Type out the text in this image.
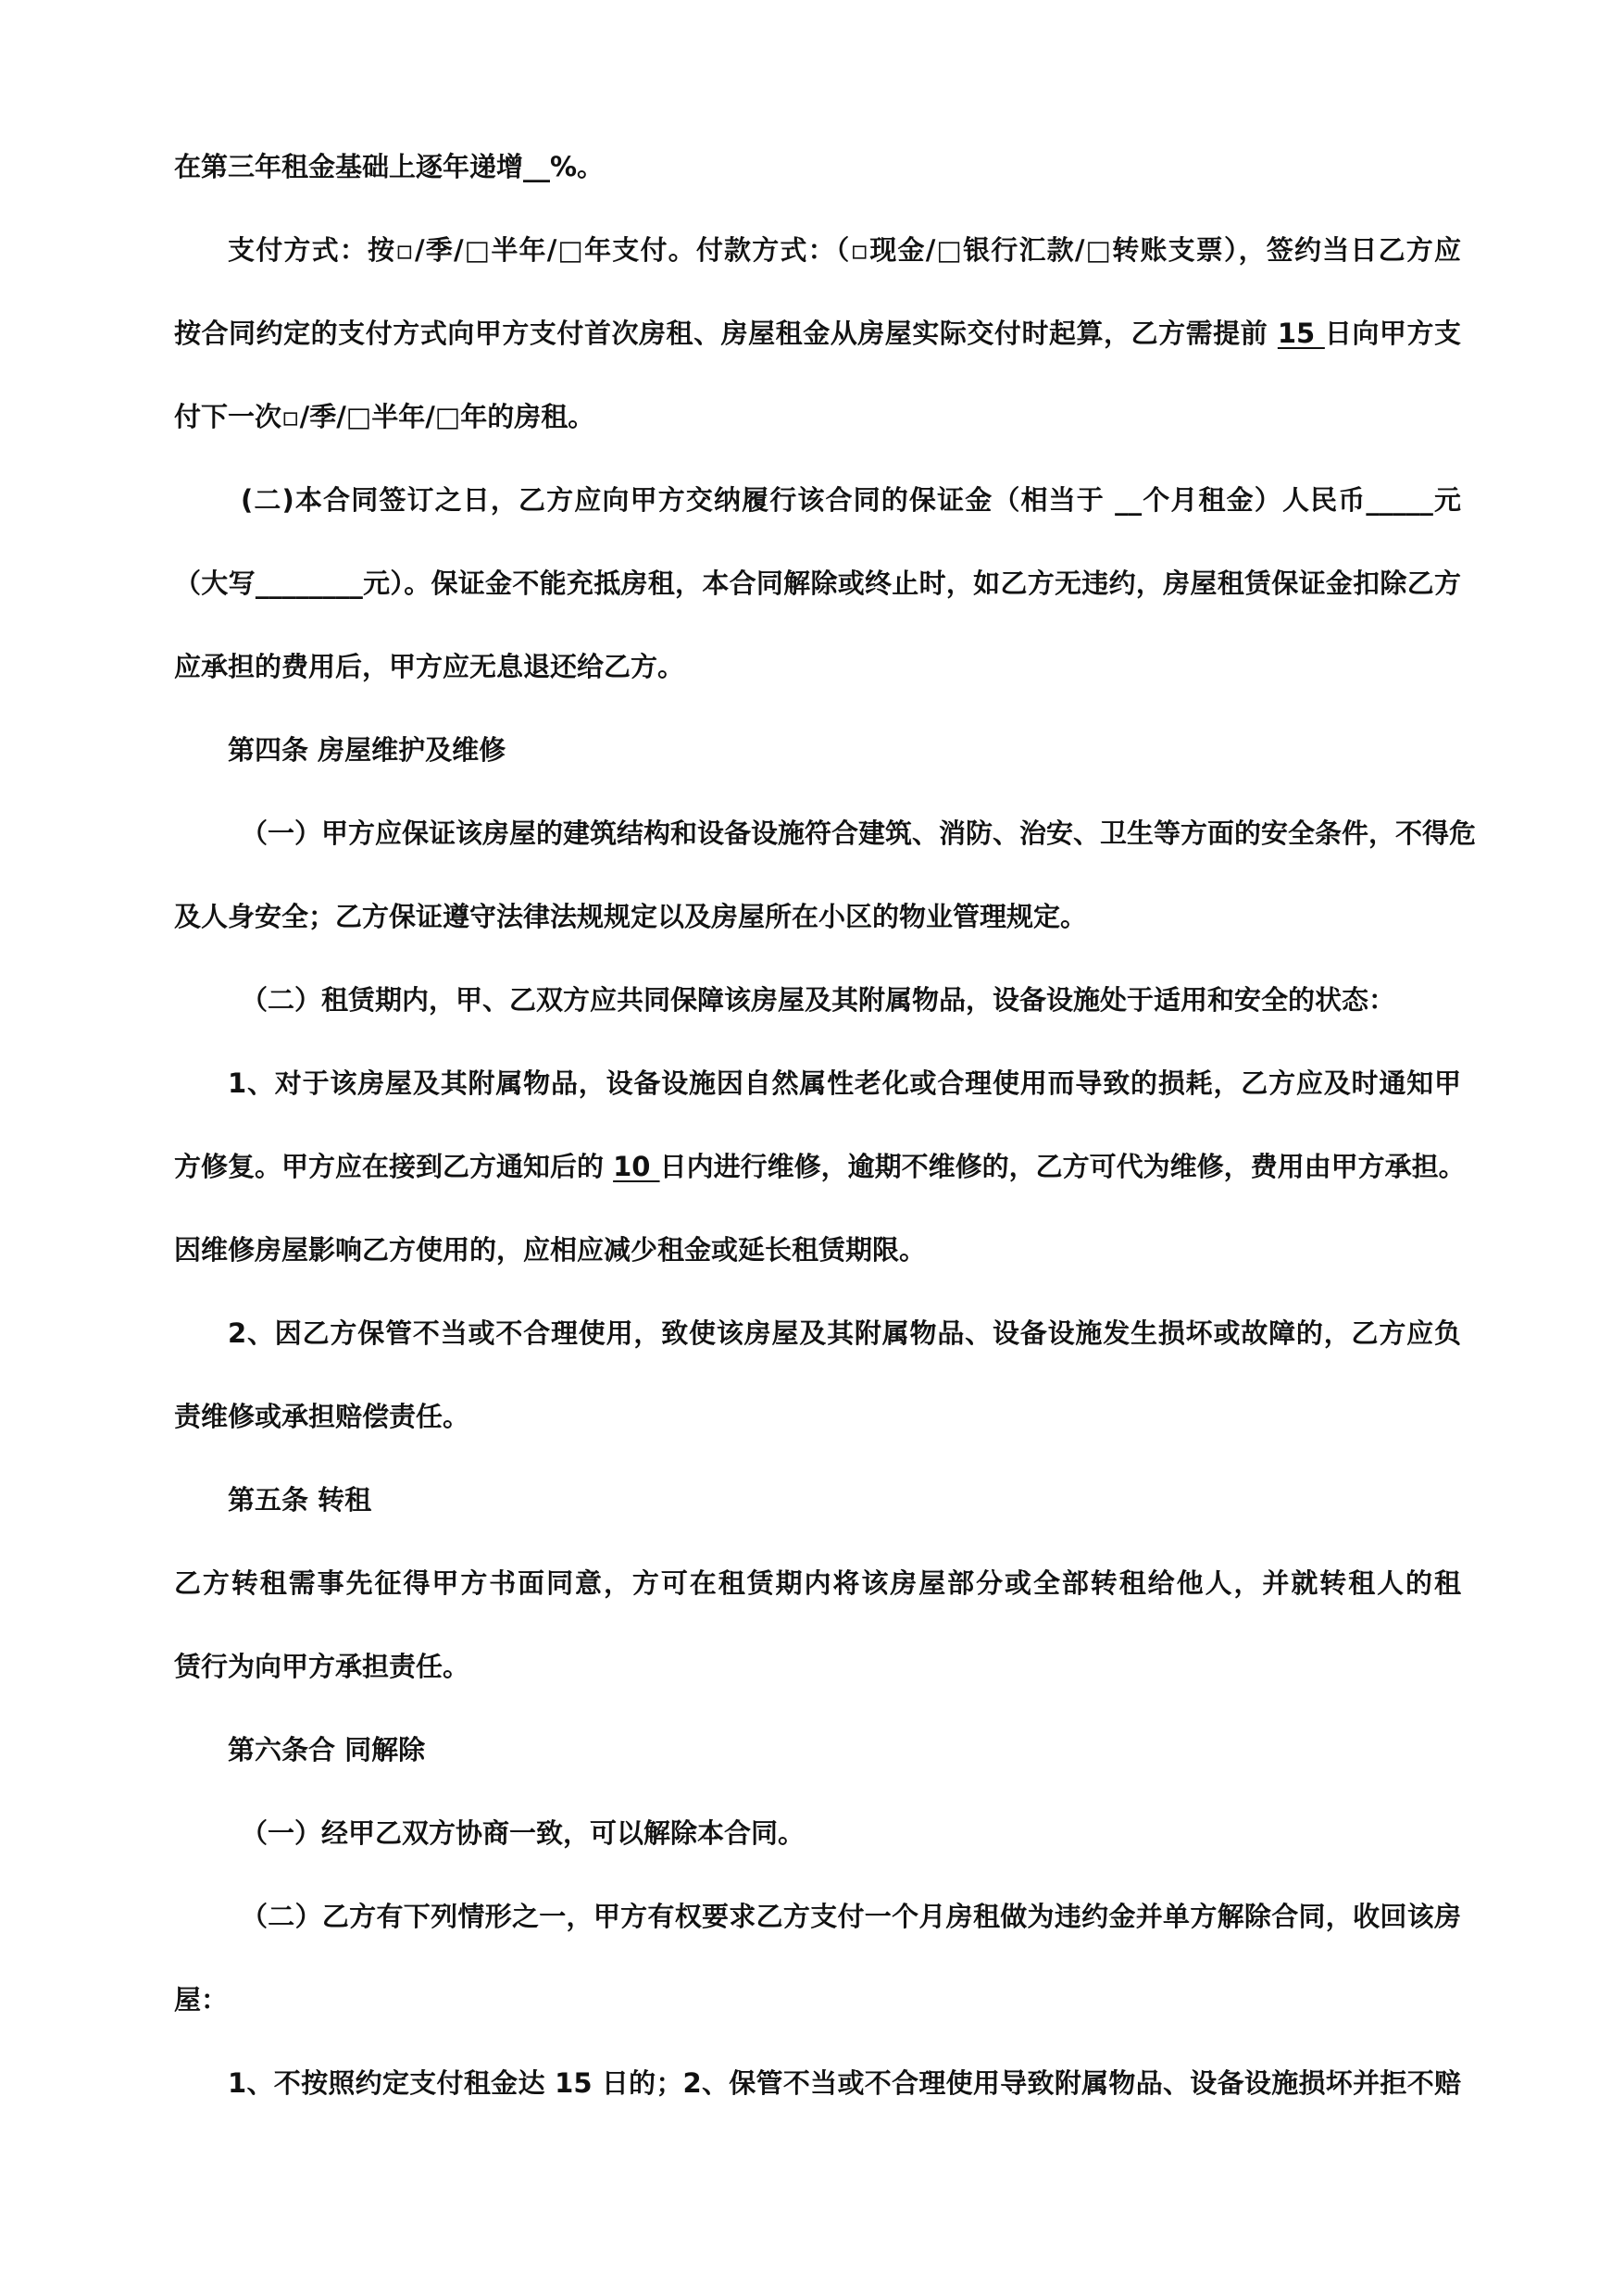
在第三年租金基础上逐年递增__%。
支付方式：按▫/季/□半年/□年支付。付款方式：（▫现金/□银行汇款/□转账支票），签约当日乙方应
按合同约定的支付方式向甲方支付首次房租、房屋租金从房屋实际交付时起算，乙方需提前 15 日向甲方支
付下一次▫/季/□半年/□年的房租。
(二)本合同签订之日，乙方应向甲方交纳履行该合同的保证金（相当于 __个月租金）人民币_____元
（大写________元）。保证金不能充抵房租，本合同解除或终止时，如乙方无违约，房屋租赁保证金扣除乙方
应承担的费用后，甲方应无息退还给乙方。
第四条 房屋维护及维修
（一）甲方应保证该房屋的建筑结构和设备设施符合建筑、消防、治安、卫生等方面的安全条件，不得危
及人身安全；乙方保证遵守法律法规规定以及房屋所在小区的物业管理规定。
（二）租赁期内，甲、乙双方应共同保障该房屋及其附属物品，设备设施处于适用和安全的状态：
1、对于该房屋及其附属物品，设备设施因自然属性老化或合理使用而导致的损耗，乙方应及时通知甲
方修复。甲方应在接到乙方通知后的 10 日内进行维修，逾期不维修的，乙方可代为维修，费用由甲方承担。
因维修房屋影响乙方使用的，应相应减少租金或延长租赁期限。
2、因乙方保管不当或不合理使用，致使该房屋及其附属物品、设备设施发生损坏或故障的，乙方应负
责维修或承担赔偿责任。
第五条 转租
乙方转租需事先征得甲方书面同意，方可在租赁期内将该房屋部分或全部转租给他人，并就转租人的租
赁行为向甲方承担责任。
第六条合 同解除
（一）经甲乙双方协商一致，可以解除本合同。
（二）乙方有下列情形之一，甲方有权要求乙方支付一个月房租做为违约金并单方解除合同，收回该房
屋：
1、不按照约定支付租金达 15 日的；2、保管不当或不合理使用导致附属物品、设备设施损坏并拒不赔
